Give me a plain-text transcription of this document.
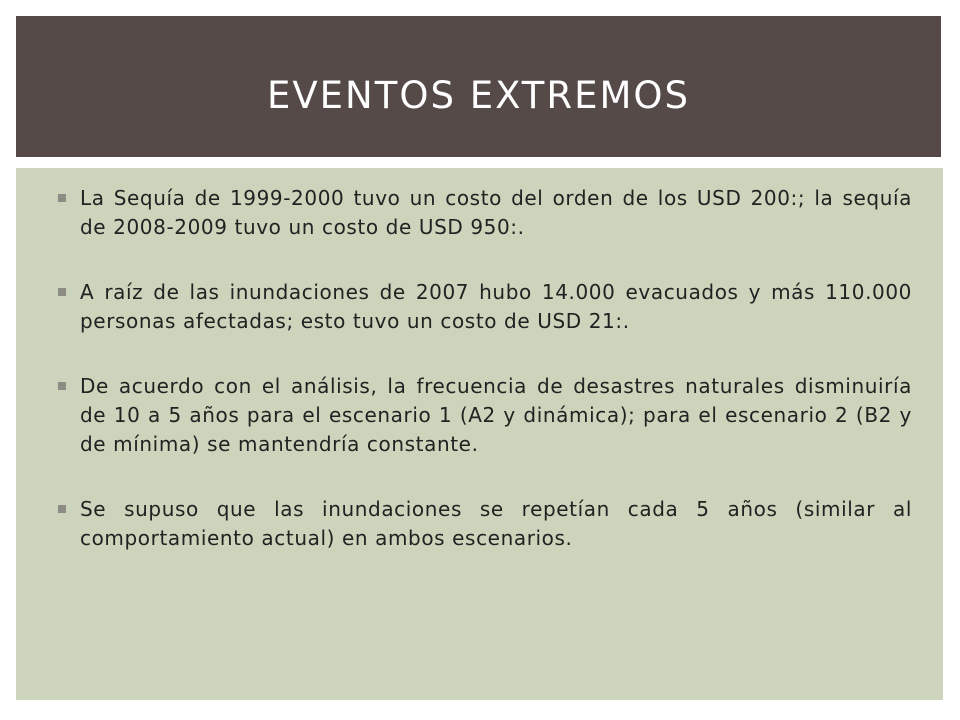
EVENTOS EXTREMOS
La Sequía de 1999-2000 tuvo un costo del orden de los USD 200:; la sequía de 2008-2009 tuvo un costo de USD 950:.
A raíz de las inundaciones de 2007 hubo 14.000 evacuados y más 110.000 personas afectadas; esto tuvo un costo de USD 21:.
De acuerdo con el análisis, la frecuencia de desastres naturales disminuiría de 10 a 5 años para el escenario 1 (A2 y dinámica); para el escenario 2 (B2 y de mínima) se mantendría constante.
Se supuso que las inundaciones se repetían cada 5 años (similar al comportamiento actual) en ambos escenarios.
